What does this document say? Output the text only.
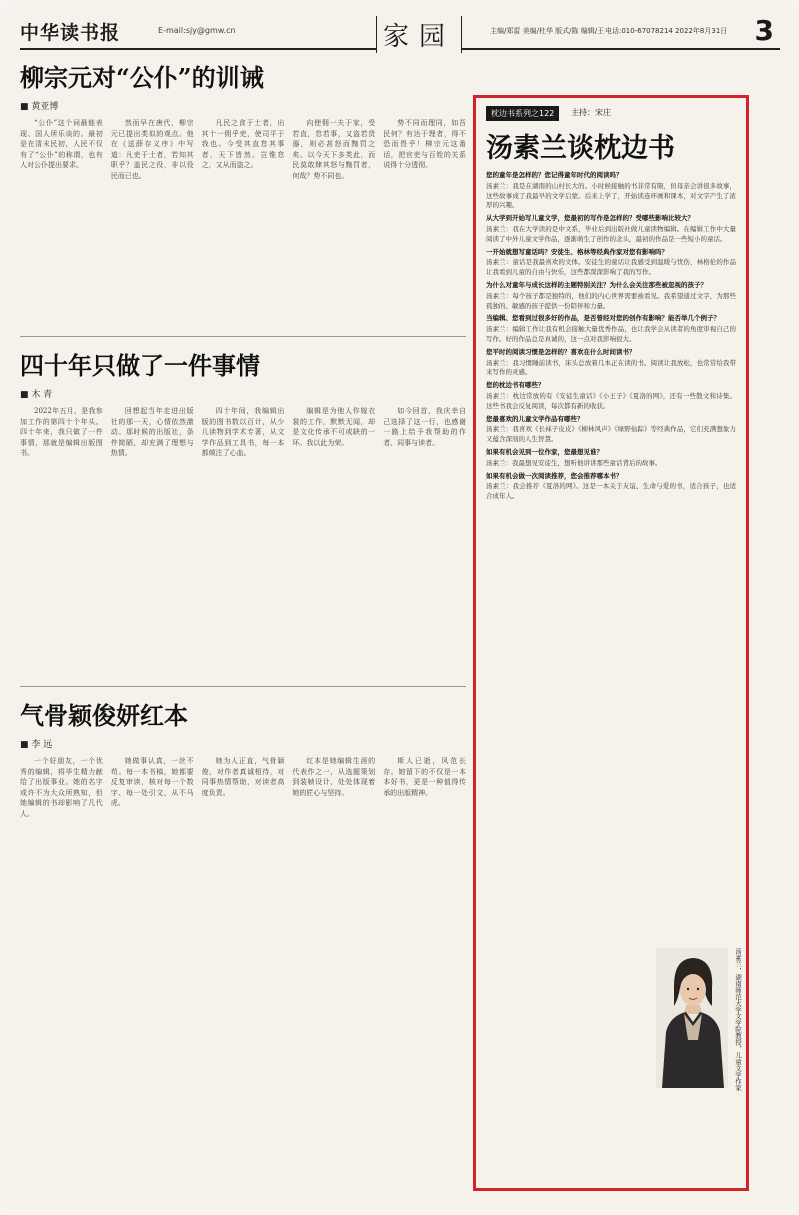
中华读书报	E-mail:sjy@gmw.cn	家园	主编/郑雷 美编/杜华 版式/陈 编辑/王 电话:010-67078214 2022年8月31日 3
柳宗元对“公仆”的训诫
■ 黄亚博

“公仆”这个词最能表现、国人所乐谈的。最初是在清末民初，人民不仅有了“公仆”的称谓，也有人对公仆提出要求。

然而早在唐代，柳宗元已提出类似的观点。他在《送薛存义序》中写道：凡吏于土者，若知其职乎？盖民之役，非以役民而已也。

凡民之食于土者，出其十一佣乎吏，使司平于我也。今受其直怠其事者，天下皆然。岂惟怠之，又从而盗之。

向使佣一夫于家，受若直，怠若事，又盗若货器，则必甚怒而黜罚之矣。以今天下多类此，而民莫敢肆其怒与黜罚者，何哉？势不同也。

势不同而理同，如吾民何？有达于理者，得不恐而畏乎！柳宗元这番话，把官吏与百姓的关系说得十分透彻。

四十年只做了一件事情
■ 木 青

2022年五月，是我参加工作的第四十个年头。四十年来，我只做了一件事情，那就是编辑出版图书。

回想起当年走进出版社的那一天，心情依然激动。那时候的出版社，条件简陋，却充满了理想与热情。

四十年间，我编辑出版的图书数以百计，从少儿读物到学术专著，从文学作品到工具书，每一本都倾注了心血。

编辑是为他人作嫁衣裳的工作，默默无闻，却是文化传承不可或缺的一环。我以此为荣。

如今回首，我庆幸自己选择了这一行，也感谢一路上给予我帮助的作者、同事与读者。

气骨颖俊妍红本
■ 李 远

一个好朋友，一个优秀的编辑，将毕生精力献给了出版事业。她的名字或许不为大众所熟知，但她编辑的书却影响了几代人。

她做事认真，一丝不苟。每一本书稿，她都要反复审读，核对每一个数字、每一处引文，从不马虎。

她为人正直，气骨颖俊，对作者真诚相待，对同事热情帮助，对读者高度负责。

红本是她编辑生涯的代表作之一，从选题策划到装帧设计，处处体现着她的匠心与坚持。

斯人已逝，风范长存。她留下的不仅是一本本好书，更是一种值得传承的出版精神。

枕边书系列之122	主持：宋庄
汤素兰谈枕边书
您的童年是怎样的？您记得童年时代的阅读吗？
汤素兰：我是在湖南的山村长大的。小时候接触的书非常有限，但母亲会讲很多故事，这些故事成了我最早的文学启蒙。后来上学了，开始读连环画和课本，对文字产生了浓厚的兴趣。
从大学到开始写儿童文学，您最初的写作是怎样的？受哪些影响比较大？
汤素兰：我在大学读的是中文系，毕业后到出版社做儿童读物编辑。在编辑工作中大量阅读了中外儿童文学作品，逐渐萌生了创作的念头，最初的作品是一些短小的童话。
一开始就想写童话吗？安徒生、格林等经典作家对您有影响吗？
汤素兰：童话是我最喜欢的文体。安徒生的童话让我感受到温暖与忧伤，林格伦的作品让我看到儿童的自由与快乐，这些都深深影响了我的写作。
为什么对童年与成长这样的主题特别关注？为什么会关注那些被忽视的孩子？
汤素兰：每个孩子都是独特的，他们的内心世界需要被看见。我希望通过文字，为那些孤独的、敏感的孩子提供一份陪伴和力量。
当编辑、您看到过很多好的作品，是否曾经对您的创作有影响？能否举几个例子？
汤素兰：编辑工作让我有机会接触大量优秀作品，也让我学会从读者的角度审视自己的写作。好的作品总是真诚的，这一点对我影响很大。
您平时的阅读习惯是怎样的？喜欢在什么时间读书？
汤素兰：我习惯睡前读书，床头总放着几本正在读的书。阅读让我放松，也常常给我带来写作的灵感。
您的枕边书有哪些？
汤素兰：枕边常放的有《安徒生童话》《小王子》《夏洛的网》，还有一些散文和诗集。这些书我会反复阅读，每次都有新的收获。
您最喜欢的儿童文学作品有哪些？
汤素兰：我喜欢《长袜子皮皮》《柳林风声》《绿野仙踪》等经典作品，它们充满想象力又蕴含深刻的人生智慧。
如果有机会见到一位作家，您最想见谁？
汤素兰：我最想见安徒生，想听他讲讲那些童话背后的故事。
如果有机会做一次阅读推荐，您会推荐哪本书？
汤素兰：我会推荐《夏洛的网》。这是一本关于友谊、生命与爱的书，适合孩子，也适合成年人。
汤素兰，湖南师范大学文学院教授，儿童文学作家
